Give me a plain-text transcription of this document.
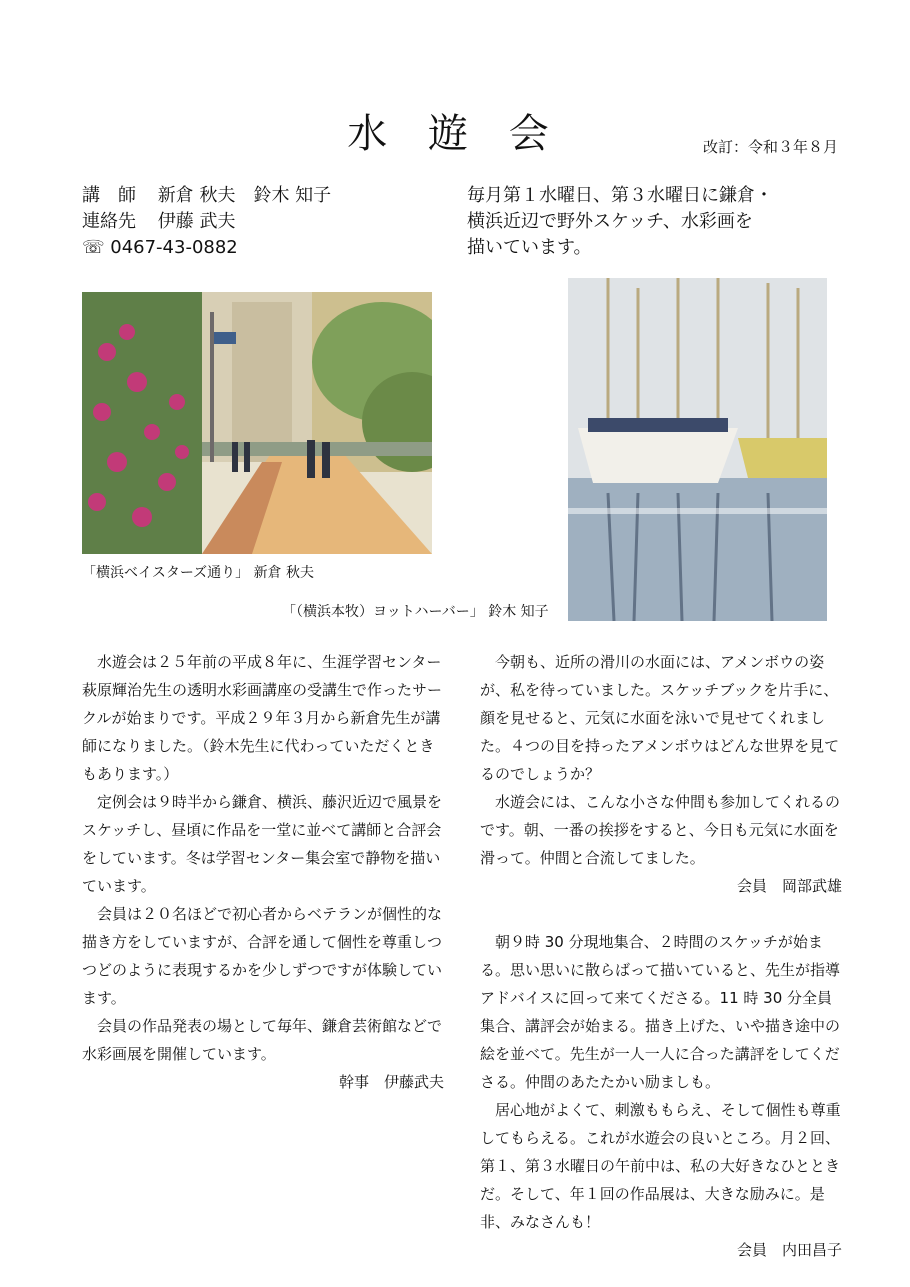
水 遊 会	改訂：令和３年８月
講　師 新倉 秋夫　鈴木 知子
連絡先 伊藤 武夫
☏ 0467-43-0882
毎月第１水曜日、第３水曜日に鎌倉・
横浜近辺で野外スケッチ、水彩画を
描いています。
「横浜ベイスターズ通り」 新倉 秋夫
「（横浜本牧）ヨットハーバー」 鈴木 知子

水遊会は２５年前の平成８年に、生涯学習センター萩原輝治先生の透明水彩画講座の受講生で作ったサークルが始まりです。平成２９年３月から新倉先生が講師になりました。（鈴木先生に代わっていただくときもあります。）

定例会は９時半から鎌倉、横浜、藤沢近辺で風景をスケッチし、昼頃に作品を一堂に並べて講師と合評会をしています。冬は学習センター集会室で静物を描いています。

会員は２０名ほどで初心者からベテランが個性的な描き方をしていますが、合評を通して個性を尊重しつつどのように表現するかを少しずつですが体験しています。

会員の作品発表の場として毎年、鎌倉芸術館などで水彩画展を開催しています。

幹事　伊藤武夫

今朝も、近所の滑川の水面には、アメンボウの姿が、私を待っていました。スケッチブックを片手に、顔を見せると、元気に水面を泳いで見せてくれました。４つの目を持ったアメンボウはどんな世界を見てるのでしょうか？

水遊会には、こんな小さな仲間も参加してくれるのです。朝、一番の挨拶をすると、今日も元気に水面を滑って。仲間と合流してました。

会員　岡部武雄

朝９時 30 分現地集合、２時間のスケッチが始まる。思い思いに散らばって描いていると、先生が指導アドバイスに回って来てくださる。11 時 30 分全員集合、講評会が始まる。描き上げた、いや描き途中の絵を並べて。先生が一人一人に合った講評をしてくださる。仲間のあたたかい励ましも。

居心地がよくて、刺激ももらえ、そして個性も尊重してもらえる。これが水遊会の良いところ。月２回、第１、第３水曜日の午前中は、私の大好きなひとときだ。そして、年１回の作品展は、大きな励みに。是非、みなさんも！

会員　内田昌子
